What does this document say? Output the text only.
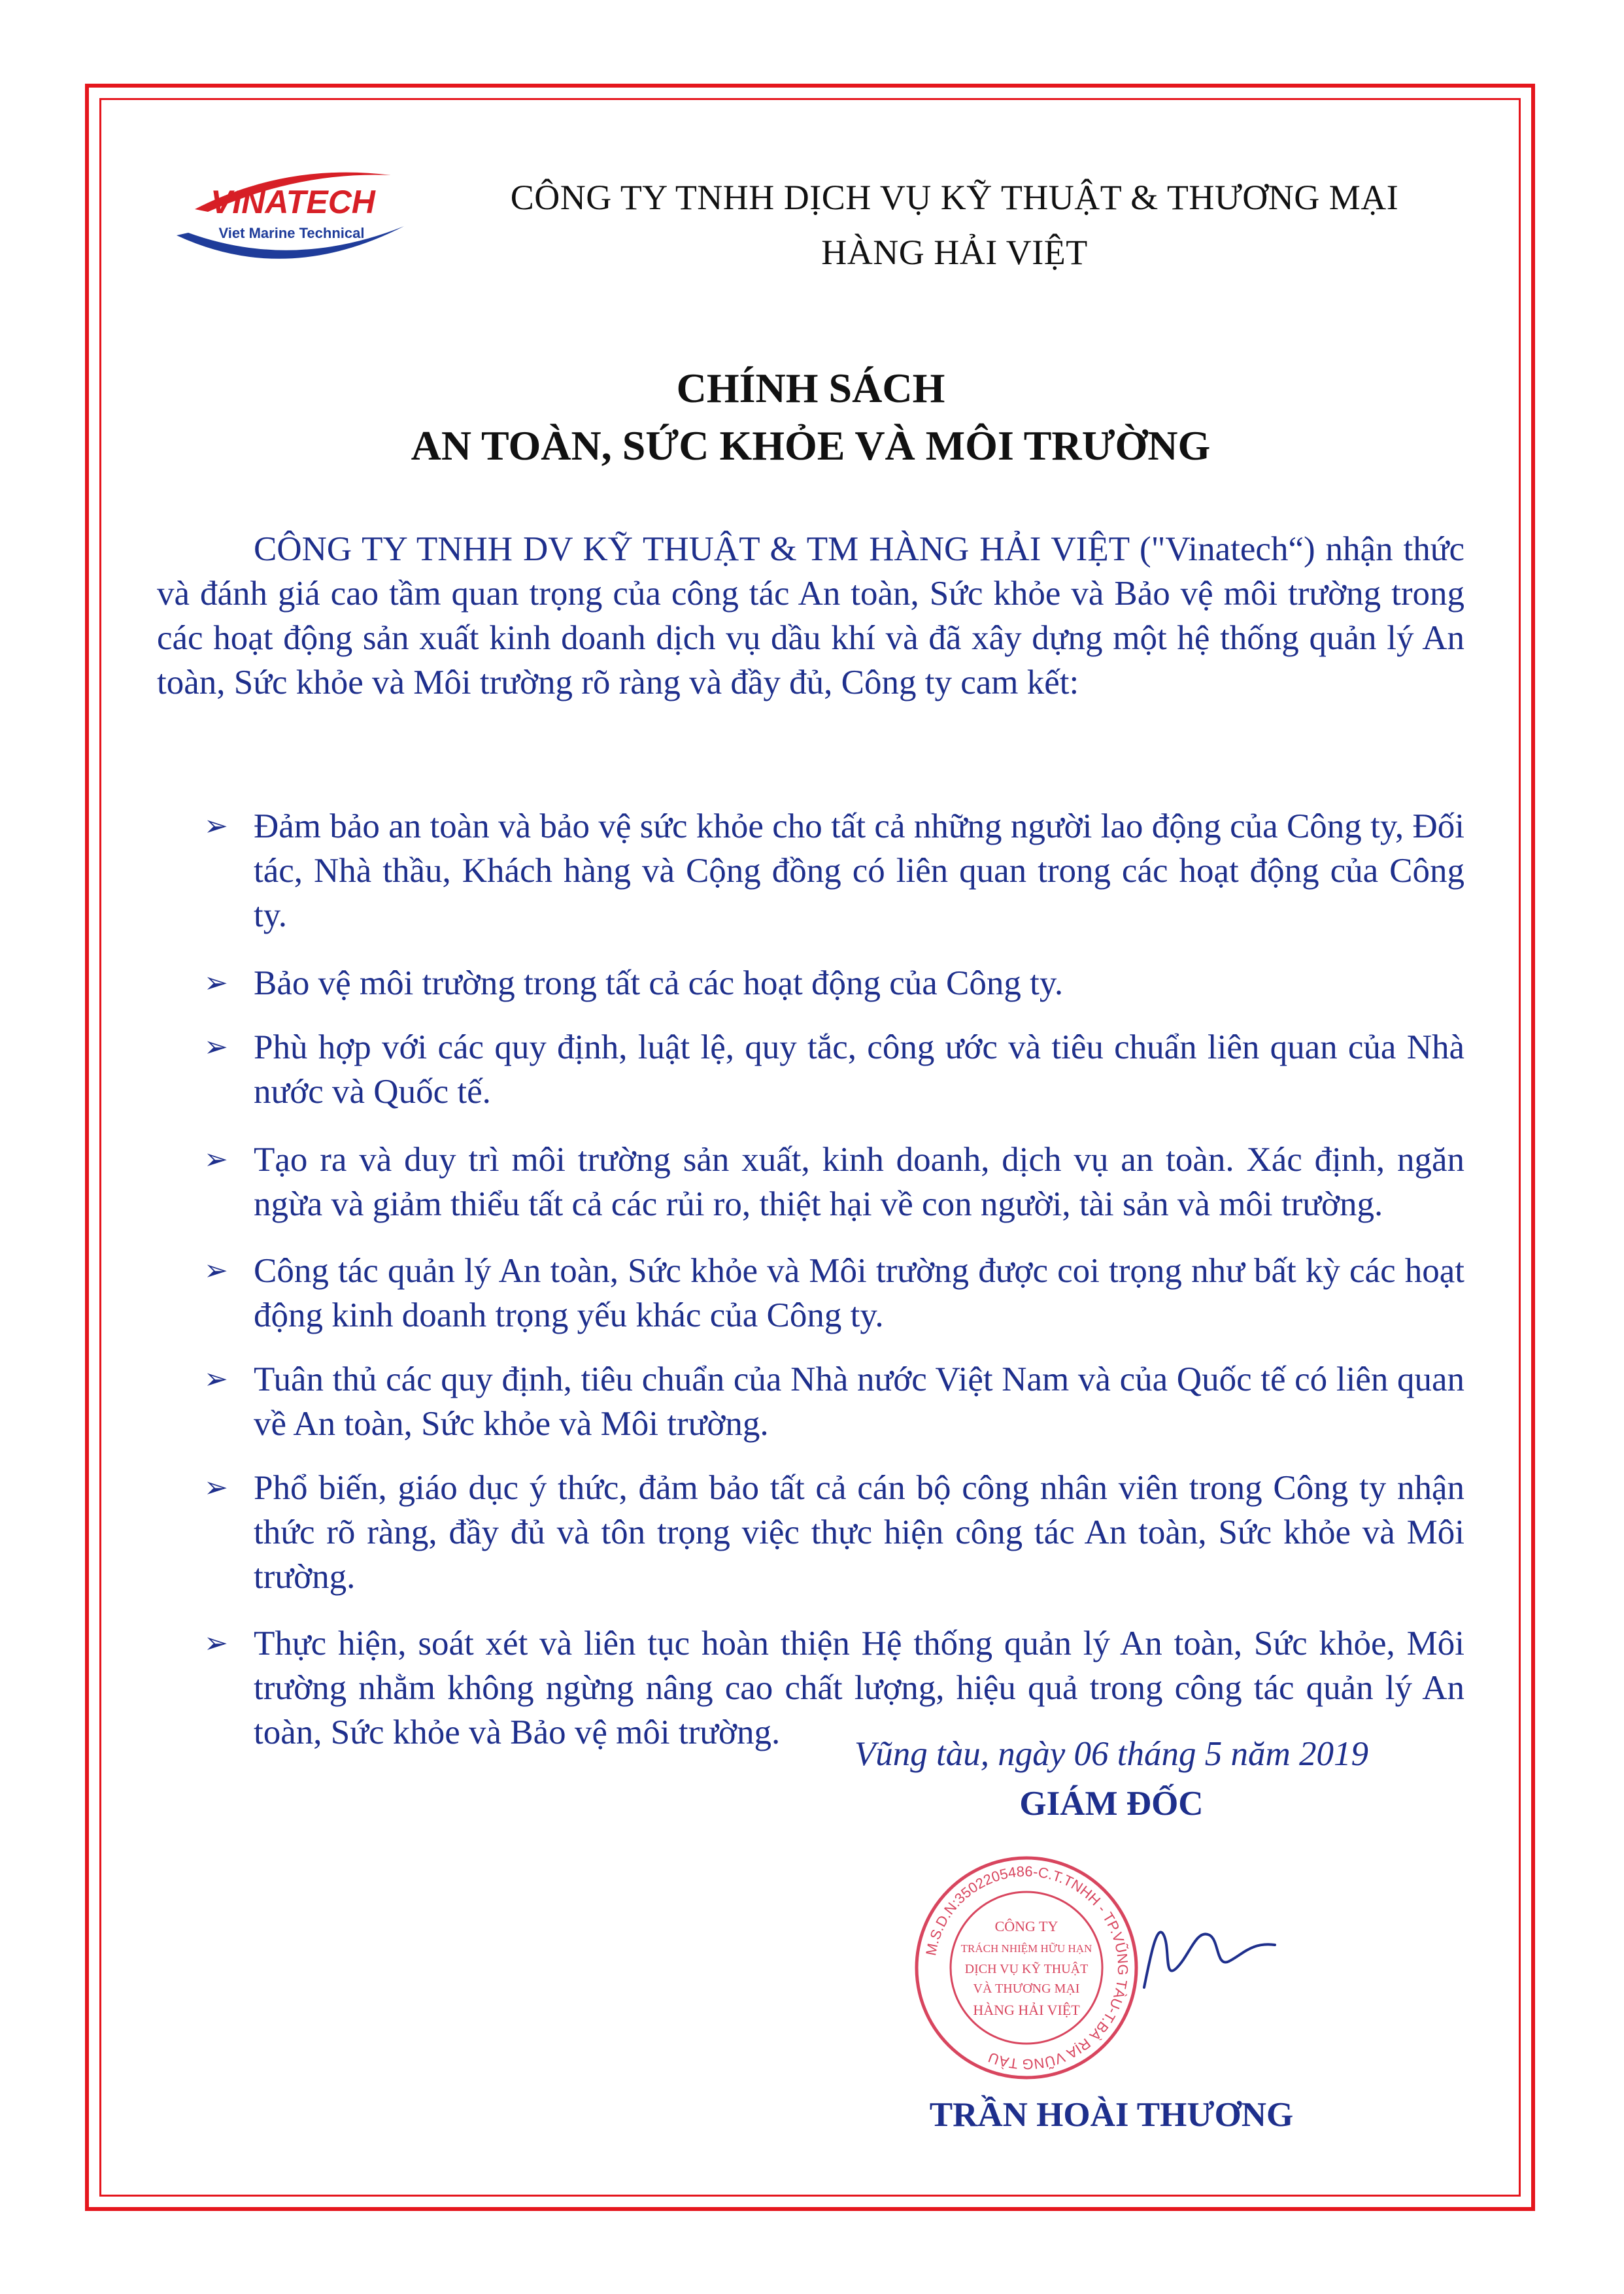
VINATECH
Viet Marine Technical
CÔNG TY TNHH DỊCH VỤ KỸ THUẬT & THƯƠNG MẠI
HÀNG HẢI VIỆT
CHÍNH SÁCH
AN TOÀN, SỨC KHỎE VÀ MÔI TRƯỜNG

CÔNG TY TNHH DV KỸ THUẬT & TM HÀNG HẢI VIỆT ("Vinatech“) nhận thức và đánh giá cao tầm quan trọng của công tác An toàn, Sức khỏe và Bảo vệ môi trường trong các hoạt động sản xuất kinh doanh dịch vụ dầu khí và đã xây dựng một hệ thống quản lý An toàn, Sức khỏe và Môi trường rõ ràng và đầy đủ, Công ty cam kết:

➢ Đảm bảo an toàn và bảo vệ sức khỏe cho tất cả những người lao động của Công ty, Đối tác, Nhà thầu, Khách hàng và Cộng đồng có liên quan trong các hoạt động của Công ty.
➢ Bảo vệ môi trường trong tất cả các hoạt động của Công ty.
➢ Phù hợp với các quy định, luật lệ, quy tắc, công ước và tiêu chuẩn liên quan của Nhà nước và Quốc tế.
➢ Tạo ra và duy trì môi trường sản xuất, kinh doanh, dịch vụ an toàn. Xác định, ngăn ngừa và giảm thiểu tất cả các rủi ro, thiệt hại về con người, tài sản và môi trường.
➢ Công tác quản lý An toàn, Sức khỏe và Môi trường được coi trọng như bất kỳ các hoạt động kinh doanh trọng yếu khác của Công ty.
➢ Tuân thủ các quy định, tiêu chuẩn của Nhà nước Việt Nam và của Quốc tế có liên quan về An toàn, Sức khỏe và Môi trường.
➢ Phổ biến, giáo dục ý thức, đảm bảo tất cả cán bộ công nhân viên trong Công ty nhận thức rõ ràng, đầy đủ và tôn trọng việc thực hiện công tác An toàn, Sức khỏe và Môi trường.
➢ Thực hiện, soát xét và liên tục hoàn thiện Hệ thống quản lý An toàn, Sức khỏe, Môi trường nhằm không ngừng nâng cao chất lượng, hiệu quả trong công tác quản lý An toàn, Sức khỏe và Bảo vệ môi trường.
Vũng tàu, ngày 06 tháng 5 năm 2019
GIÁM ĐỐC
M.S.D.N:3502205486-C.T.TNHH - TP.VŨNG TÀU-T.BÀ RỊA VŨNG TÀU
CÔNG TY
TRÁCH NHIỆM HỮU HẠN
DỊCH VỤ KỸ THUẬT
VÀ THƯƠNG MẠI
HÀNG HẢI VIỆT
TRẦN HOÀI THƯƠNG
